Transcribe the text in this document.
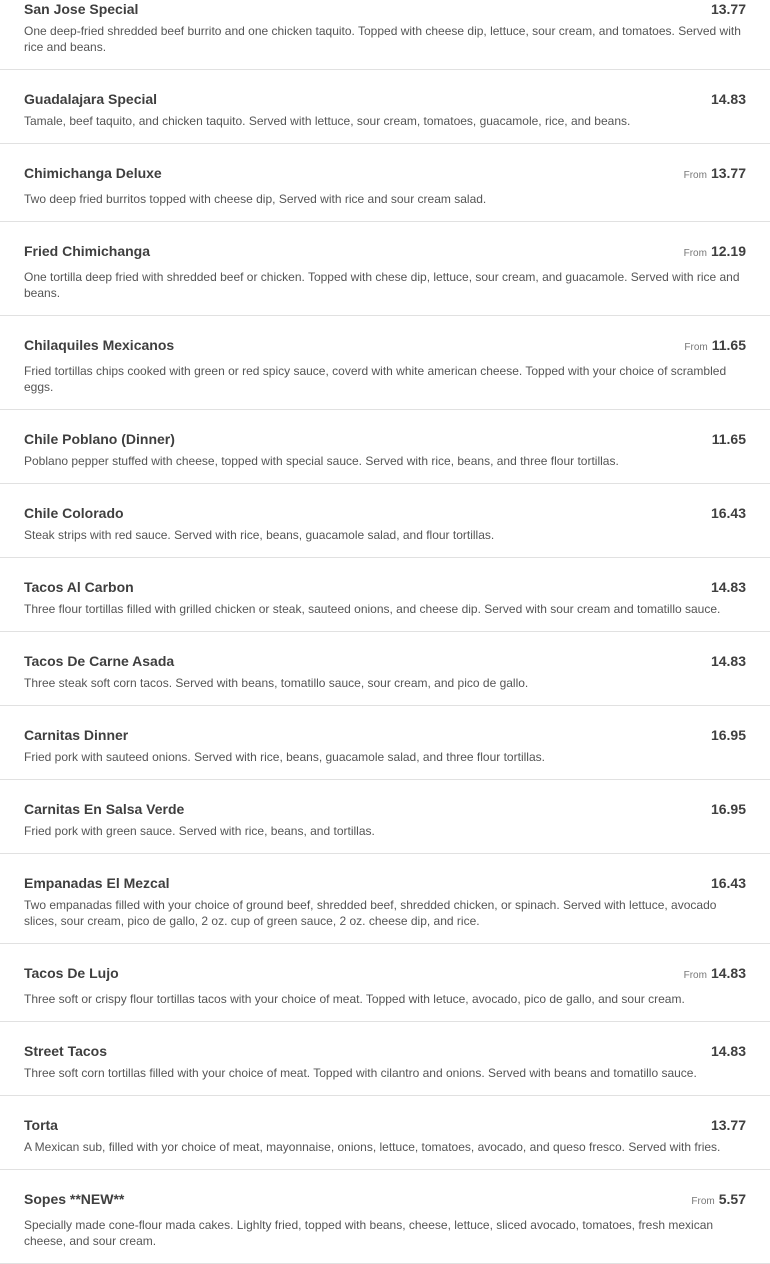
San Jose Special	13.77
One deep-fried shredded beef burrito and one chicken taquito. Topped with cheese dip, lettuce, sour cream, and tomatoes. Served with rice and beans.
Guadalajara Special	14.83
Tamale, beef taquito, and chicken taquito. Served with lettuce, sour cream, tomatoes, guacamole, rice, and beans.
Chimichanga Deluxe	From 13.77
Two deep fried burritos topped with cheese dip, Served with rice and sour cream salad.
Fried Chimichanga	From 12.19
One tortilla deep fried with shredded beef or chicken. Topped with chese dip, lettuce, sour cream, and guacamole. Served with rice and beans.
Chilaquiles Mexicanos	From 11.65
Fried tortillas chips cooked with green or red spicy sauce, coverd with white american cheese. Topped with your choice of scrambled eggs.
Chile Poblano (Dinner)	11.65
Poblano pepper stuffed with cheese, topped with special sauce. Served with rice, beans, and three flour tortillas.
Chile Colorado	16.43
Steak strips with red sauce. Served with rice, beans, guacamole salad, and flour tortillas.
Tacos Al Carbon	14.83
Three flour tortillas filled with grilled chicken or steak, sauteed onions, and cheese dip. Served with sour cream and tomatillo sauce.
Tacos De Carne Asada	14.83
Three steak soft corn tacos. Served with beans, tomatillo sauce, sour cream, and pico de gallo.
Carnitas Dinner	16.95
Fried pork with sauteed onions. Served with rice, beans, guacamole salad, and three flour tortillas.
Carnitas En Salsa Verde	16.95
Fried pork with green sauce. Served with rice, beans, and tortillas.
Empanadas El Mezcal	16.43
Two empanadas filled with your choice of ground beef, shredded beef, shredded chicken, or spinach. Served with lettuce, avocado slices, sour cream, pico de gallo, 2 oz. cup of green sauce, 2 oz. cheese dip, and rice.
Tacos De Lujo	From 14.83
Three soft or crispy flour tortillas tacos with your choice of meat. Topped with letuce, avocado, pico de gallo, and sour cream.
Street Tacos	14.83
Three soft corn tortillas filled with your choice of meat. Topped with cilantro and onions. Served with beans and tomatillo sauce.
Torta	13.77
A Mexican sub, filled with yor choice of meat, mayonnaise, onions, lettuce, tomatoes, avocado, and queso fresco. Served with fries.
Sopes **NEW**	From 5.57
Specially made cone-flour mada cakes. Lighlty fried, topped with beans, cheese, lettuce, sliced avocado, tomatoes, fresh mexican cheese, and sour cream.
